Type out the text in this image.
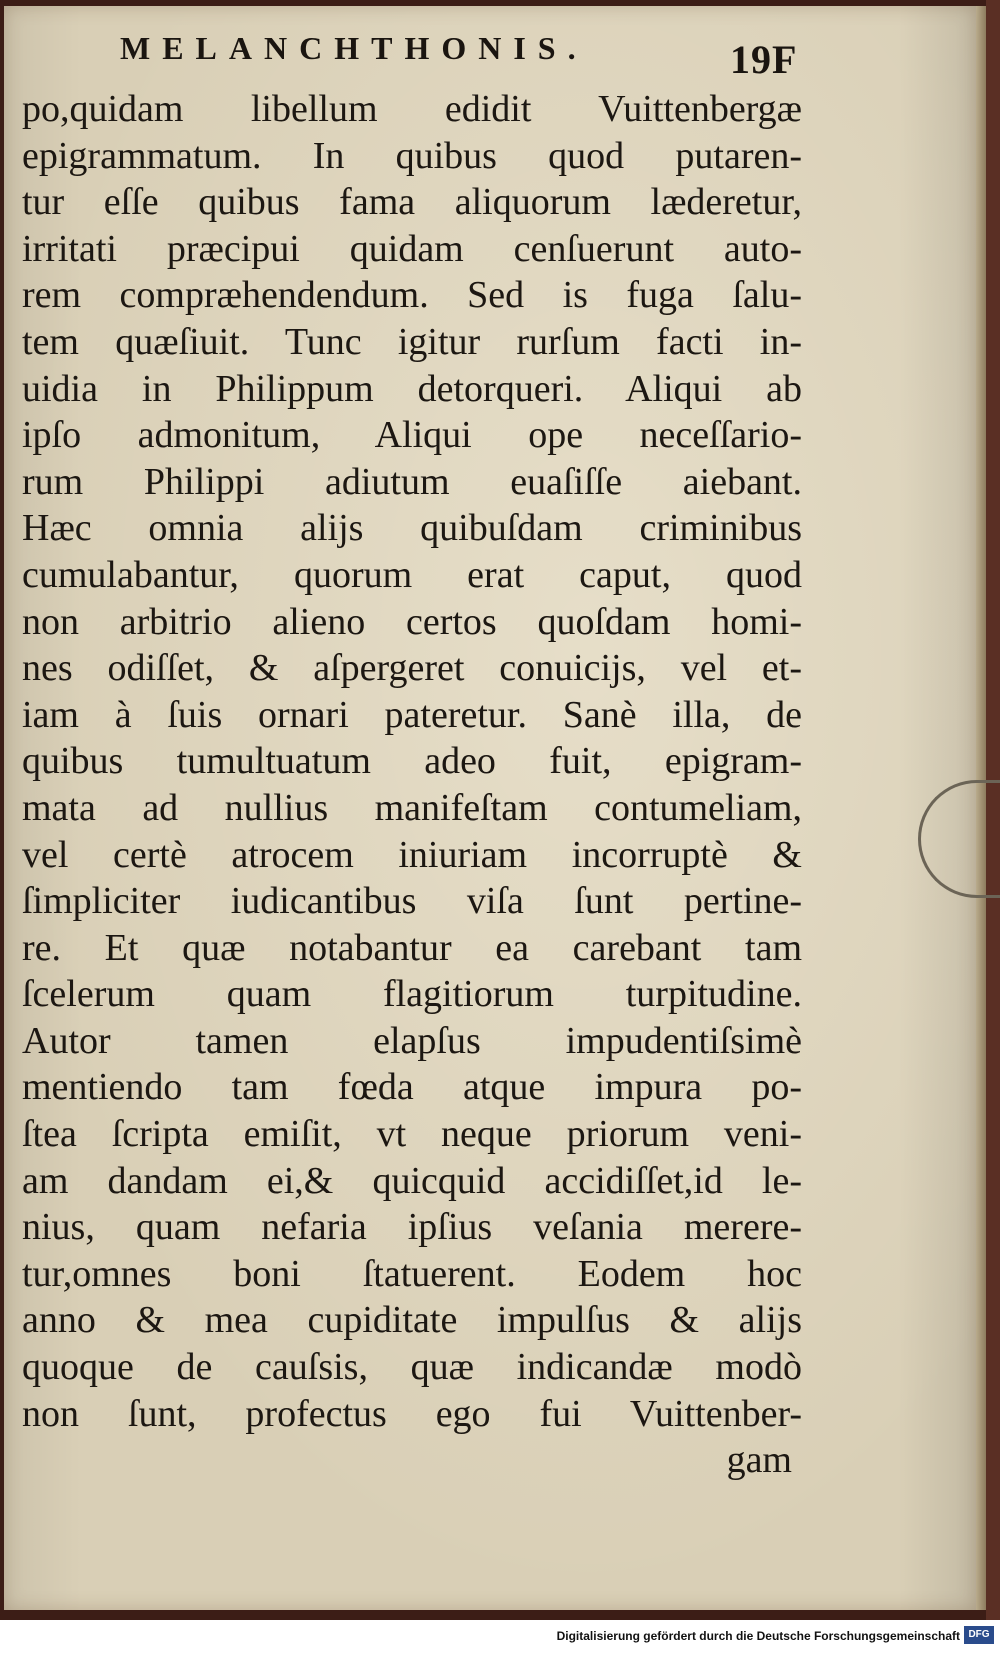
MELANCHTHONIS.	19F
po,quidam libellum edidit Vuittenbergæ
epigrammatum. In quibus quod putaren-
tur eſſe quibus fama aliquorum læderetur,
irritati præcipui quidam cenſuerunt auto-
rem compræhendendum. Sed is fuga ſalu-
tem quæſiuit. Tunc igitur rurſum facti in-
uidia in Philippum detorqueri. Aliqui ab
ipſo admonitum, Aliqui ope neceſſario-
rum Philippi adiutum euaſiſſe aiebant.
Hæc omnia alijs quibuſdam criminibus
cumulabantur, quorum erat caput, quod
non arbitrio alieno certos quoſdam homi-
nes odiſſet, & aſpergeret conuicijs, vel et-
iam à ſuis ornari pateretur. Sanè illa, de
quibus tumultuatum adeo fuit, epigram-
mata ad nullius manifeſtam contumeliam,
vel certè atrocem iniuriam incorruptè &
ſimpliciter iudicantibus viſa ſunt pertine-
re. Et quæ notabantur ea carebant tam
ſcelerum quam flagitiorum turpitudine.
Autor tamen elapſus impudentiſsimè
mentiendo tam fœda atque impura po-
ſtea ſcripta emiſit, vt neque priorum veni-
am dandam ei,& quicquid accidiſſet,id le-
nius, quam nefaria ipſius veſania merere-
tur,omnes boni ſtatuerent. Eodem hoc
anno & mea cupiditate impulſus & alijs
quoque de cauſsis, quæ indicandæ modò
non ſunt, profectus ego fui Vuittenber-
gam
Digitalisierung gefördert durch die Deutsche Forschungsgemeinschaft DFG
